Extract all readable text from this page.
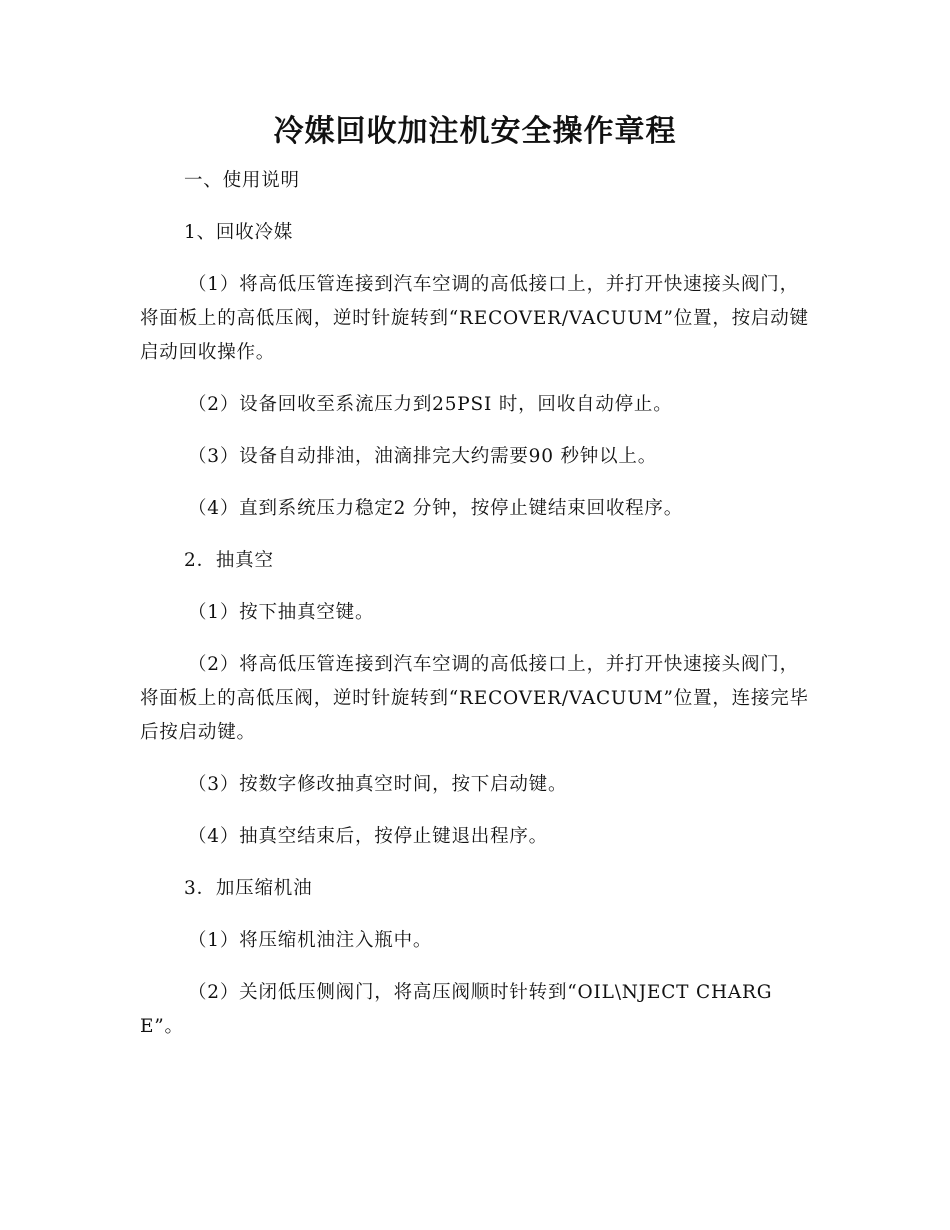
冷媒回收加注机安全操作章程
一、使用说明
1、回收冷媒
（1）将高低压管连接到汽车空调的高低接口上，并打开快速接头阀门，将面板上的高低压阀，逆时针旋转到“RECOVER/VACUUM”位置，按启动键启动回收操作。
（2）设备回收至系流压力到25PSI 时，回收自动停止。
（3）设备自动排油，油滴排完大约需要90 秒钟以上。
（4）直到系统压力稳定2 分钟，按停止键结束回收程序。
2．抽真空
（1）按下抽真空键。
（2）将高低压管连接到汽车空调的高低接口上，并打开快速接头阀门，将面板上的高低压阀，逆时针旋转到“RECOVER/VACUUM”位置，连接完毕后按启动键。
（3）按数字修改抽真空时间，按下启动键。
（4）抽真空结束后，按停止键退出程序。
3．加压缩机油
（1）将压缩机油注入瓶中。
（2）关闭低压侧阀门，将高压阀顺时针转到“OIL\NJECT CHARGE”。
